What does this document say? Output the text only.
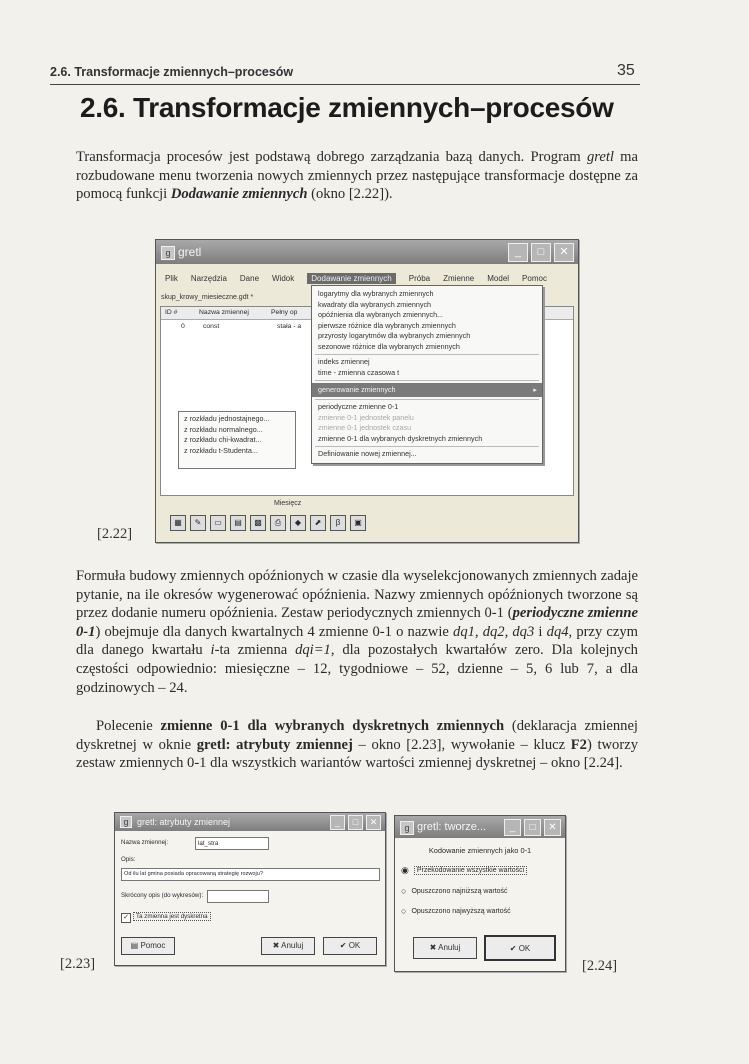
2.6. Transformacje zmiennych–procesów	35
2.6. Transformacje zmiennych–procesów
Transformacja procesów jest podstawą dobrego zarządzania bazą danych. Program gretl ma rozbudowane menu tworzenia nowych zmiennych przez następujące transformacje dostępne za pomocą funkcji Dodawanie zmiennych (okno [2.22]).
g gretl	_	□	✕
Plik Narzędzia Dane Widok	Dodawanie zmiennych	Próba Zmienne Model Pomoc
skup_krowy_miesieczne.gdt *
ID #	Nazwa zmiennej	Pełny op
0	const	stała - a
Miesięcz
▦	✎	▭	▤	▩	⎙	◆	⬈	β	▣
z rozkładu jednostajnego...
z rozkładu normalnego...
z rozkładu chi-kwadrat...
z rozkładu t-Studenta...
logarytmy dla wybranych zmiennych
kwadraty dla wybranych zmiennych
opóźnienia dla wybranych zmiennych...
pierwsze różnice dla wybranych zmiennych
przyrosty logarytmów dla wybranych zmiennych
sezonowe różnice dla wybranych zmiennych
indeks zmiennej
time - zmienna czasowa t
generowanie zmiennych	▸
periodyczne zmienne 0-1
zmienne 0-1 jednostek panelu
zmienne 0-1 jednostek czasu
zmienne 0-1 dla wybranych dyskretnych zmiennych
Definiowanie nowej zmiennej...
[2.22]
Formuła budowy zmiennych opóźnionych w czasie dla wyselekcjonowanych zmiennych zadaje pytanie, na ile okresów wygenerować opóźnienia. Nazwy zmiennych opóźnionych tworzone są przez dodanie numeru opóźnienia. Zestaw periodycznych zmiennych 0-1 (periodyczne zmienne 0-1) obejmuje dla danych kwartalnych 4 zmienne 0-1 o nazwie dq1, dq2, dq3 i dq4, przy czym dla danego kwartału i-ta zmienna dqi=1, dla pozostałych kwartałów zero. Dla kolejnych częstości odpowiednio: miesięczne – 12, tygodniowe – 52, dzienne – 5, 6 lub 7, a dla godzinowych – 24.
Polecenie zmienne 0-1 dla wybranych dyskretnych zmiennych (deklaracja zmiennej dyskretnej w oknie gretl: atrybuty zmiennej – okno [2.23], wywołanie – klucz F2) tworzy zestaw zmiennych 0-1 dla wszystkich wariantów wartości zmiennej dyskretnej – okno [2.24].
g gretl: atrybuty zmiennej	_	□	✕
Nazwa zmiennej:	lat_stra
Opis:
Od ilu lat gmina posiada opracowaną strategię rozwoju?
Skrócony opis (do wykresów):
✓	Ta zmienna jest dyskretna
▤ Pomoc	✖ Anuluj	✔ OK
[2.23]
g gretl: tworze...	_	□	✕
Kodowanie zmiennych jako 0-1
◉	Przekodowanie wszystkie wartości
○ Opuszczono najniższą wartość
○ Opuszczono najwyższą wartość
✖ Anuluj	✔ OK
[2.24]
